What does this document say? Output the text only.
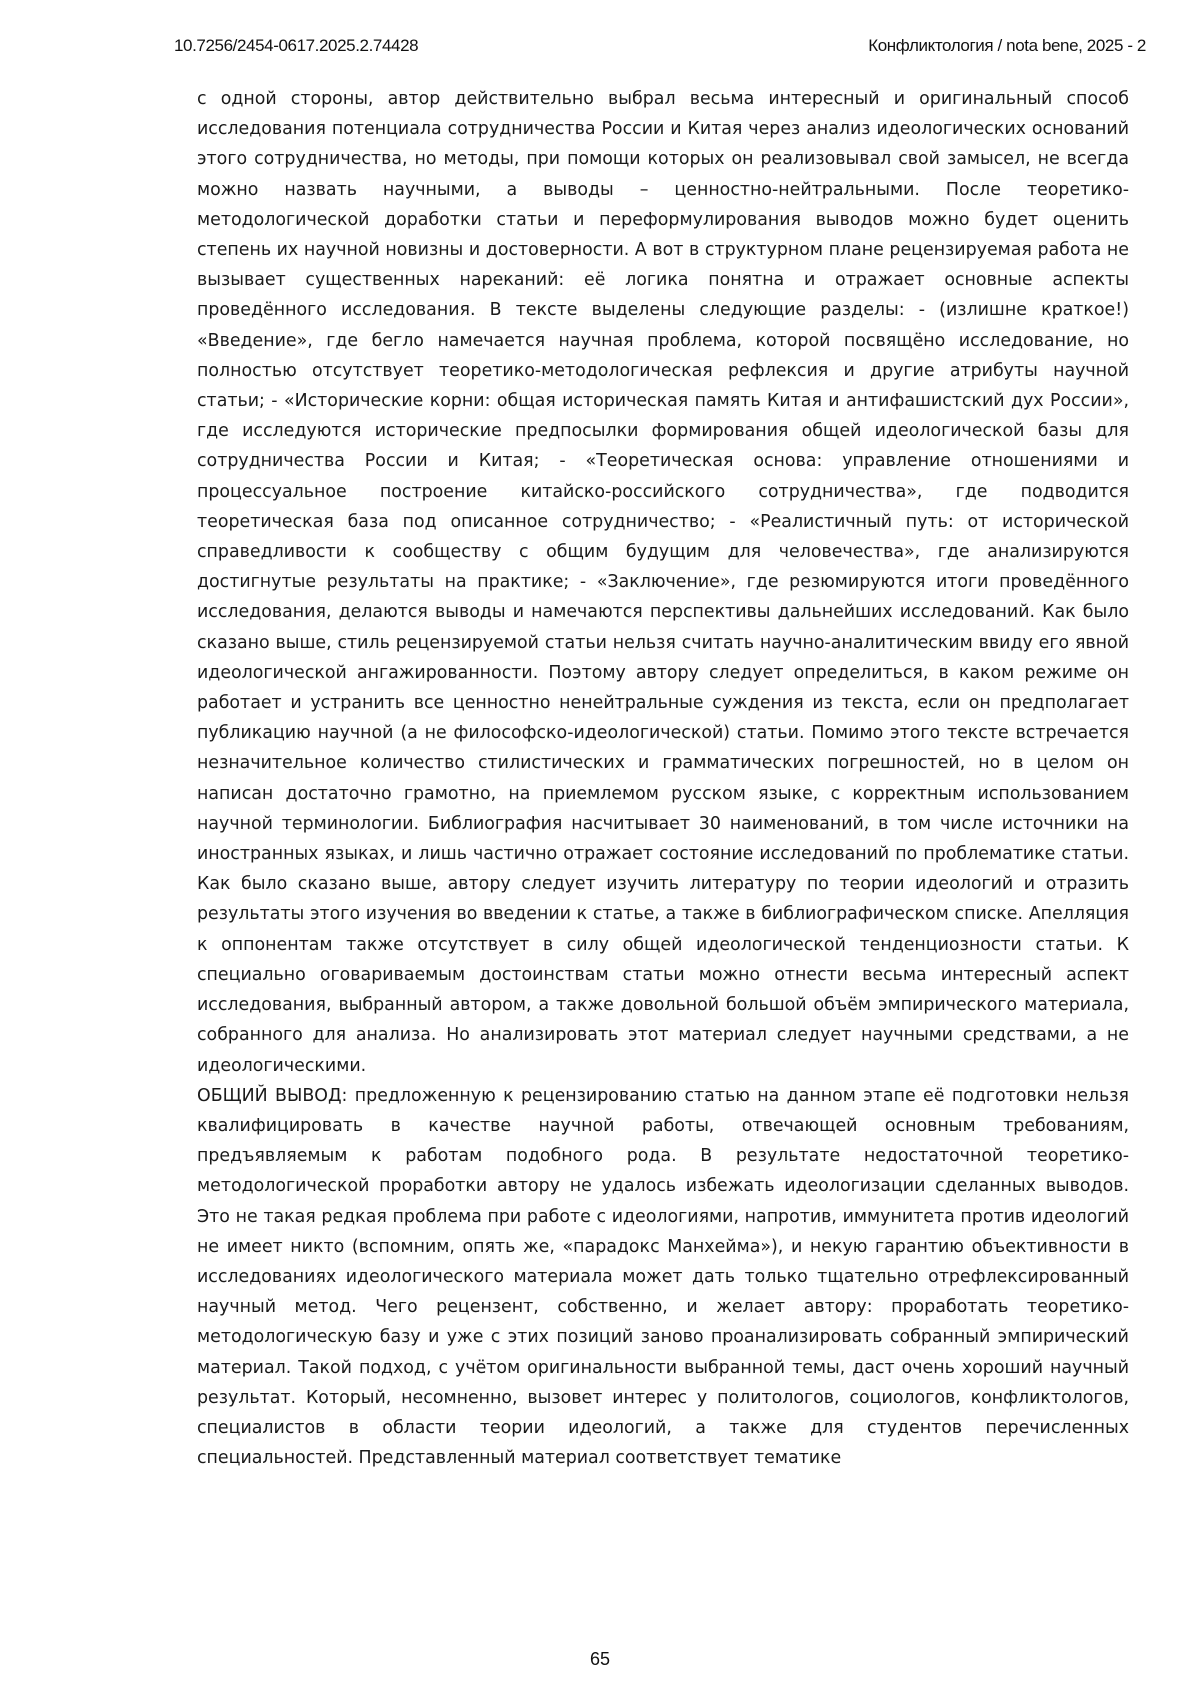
10.7256/2454-0617.2025.2.74428	Конфликтология / nota bene, 2025 - 2

с одной стороны, автор действительно выбрал весьма интересный и оригинальный способ исследования потенциала сотрудничества России и Китая через анализ идеологических оснований этого сотрудничества, но методы, при помощи которых он реализовывал свой замысел, не всегда можно назвать научными, а выводы – ценностно-нейтральными. После теоретико-методологической доработки статьи и переформулирования выводов можно будет оценить степень их научной новизны и достоверности. А вот в структурном плане рецензируемая работа не вызывает существенных нареканий: её логика понятна и отражает основные аспекты проведённого исследования. В тексте выделены следующие разделы: - (излишне краткое!) «Введение», где бегло намечается научная проблема, которой посвящёно исследование, но полностью отсутствует теоретико-методологическая рефлексия и другие атрибуты научной статьи; - «Исторические корни: общая историческая память Китая и антифашистский дух России», где исследуются исторические предпосылки формирования общей идеологической базы для сотрудничества России и Китая; - «Теоретическая основа: управление отношениями и процессуальное построение китайско-российского сотрудничества», где подводится теоретическая база под описанное сотрудничество; - «Реалистичный путь: от исторической справедливости к сообществу с общим будущим для человечества», где анализируются достигнутые результаты на практике; - «Заключение», где резюмируются итоги проведённого исследования, делаются выводы и намечаются перспективы дальнейших исследований. Как было сказано выше, стиль рецензируемой статьи нельзя считать научно-аналитическим ввиду его явной идеологической ангажированности. Поэтому автору следует определиться, в каком режиме он работает и устранить все ценностно ненейтральные суждения из текста, если он предполагает публикацию научной (а не философско-идеологической) статьи. Помимо этого тексте встречается незначительное количество стилистических и грамматических погрешностей, но в целом он написан достаточно грамотно, на приемлемом русском языке, с корректным использованием научной терминологии. Библиография насчитывает 30 наименований, в том числе источники на иностранных языках, и лишь частично отражает состояние исследований по проблематике статьи. Как было сказано выше, автору следует изучить литературу по теории идеологий и отразить результаты этого изучения во введении к статье, а также в библиографическом списке. Апелляция к оппонентам также отсутствует в силу общей идеологической тенденциозности статьи. К специально оговариваемым достоинствам статьи можно отнести весьма интересный аспект исследования, выбранный автором, а также довольной большой объём эмпирического материала, собранного для анализа. Но анализировать этот материал следует научными средствами, а не идеологическими.

ОБЩИЙ ВЫВОД: предложенную к рецензированию статью на данном этапе её подготовки нельзя квалифицировать в качестве научной работы, отвечающей основным требованиям, предъявляемым к работам подобного рода. В результате недостаточной теоретико-методологической проработки автору не удалось избежать идеологизации сделанных выводов. Это не такая редкая проблема при работе с идеологиями, напротив, иммунитета против идеологий не имеет никто (вспомним, опять же, «парадокс Манхейма»), и некую гарантию объективности в исследованиях идеологического материала может дать только тщательно отрефлексированный научный метод. Чего рецензент, собственно, и желает автору: проработать теоретико-методологическую базу и уже с этих позиций заново проанализировать собранный эмпирический материал. Такой подход, с учётом оригинальности выбранной темы, даст очень хороший научный результат. Который, несомненно, вызовет интерес у политологов, социологов, конфликтологов, специалистов в области теории идеологий, а также для студентов перечисленных специальностей. Представленный материал соответствует тематике

65
